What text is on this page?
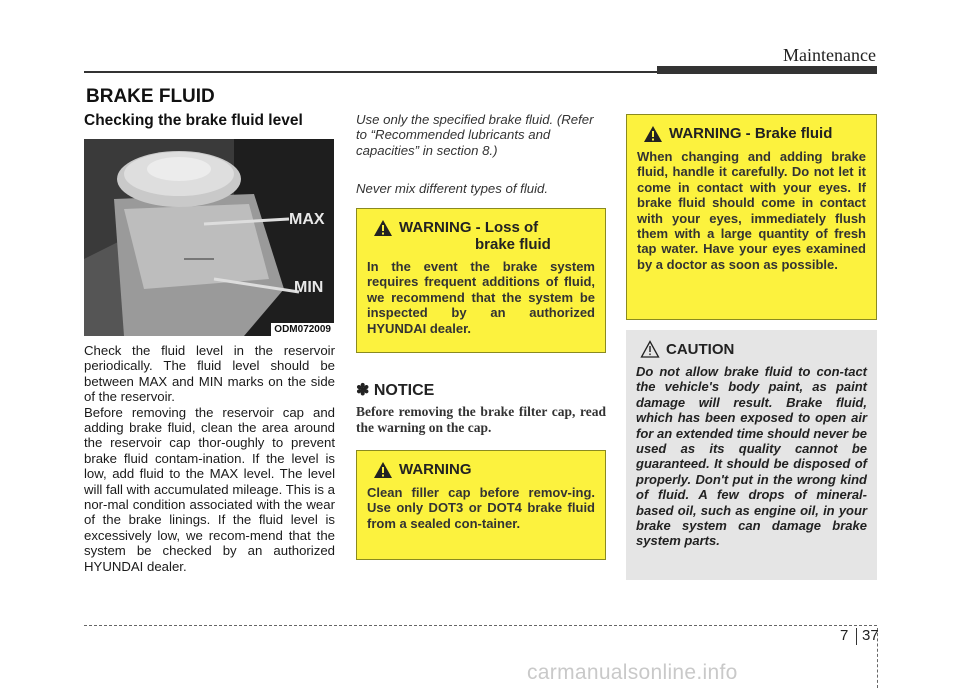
Maintenance
BRAKE FLUID
Checking the brake fluid level
MAX
MIN
ODM072009

Check the fluid level in the reservoir periodically. The fluid level should be between MAX and MIN marks on the side of the reservoir.

Before removing the reservoir cap and adding brake fluid, clean the area around the reservoir cap thor-oughly to prevent brake fluid contam-ination. If the level is low, add fluid to the MAX level. The level will fall with accumulated mileage. This is a nor-mal condition associated with the wear of the brake linings. If the fluid level is excessively low, we recom-mend that the system be checked by an authorized HYUNDAI dealer.

Use only the specified brake fluid. (Refer to “Recommended lubricants and capacities” in section 8.)
Never mix different types of fluid.
WARNING - Loss of
brake fluid
In the event the brake system requires frequent additions of fluid, we recommend that the system be inspected by an authorized HYUNDAI dealer.
✽ NOTICE
Before removing the brake filter cap, read the warning on the cap.
WARNING
Clean filler cap before remov-ing. Use only DOT3 or DOT4 brake fluid from a sealed con-tainer.
WARNING -
Brake fluid
When changing and adding brake fluid, handle it carefully. Do not let it come in contact with your eyes. If brake fluid should come in contact with your eyes, immediately flush them with a large quantity of fresh tap water. Have your eyes examined by a doctor as soon as possible.
CAUTION
Do not allow brake fluid to con-tact the vehicle's body paint, as paint damage will result. Brake fluid, which has been exposed to open air for an extended time should never be used as its quality cannot be guaranteed. It should be disposed of properly. Don't put in the wrong kind of fluid. A few drops of mineral-based oil, such as engine oil, in your brake system can damage brake system parts.
7 37
carmanualsonline.info
